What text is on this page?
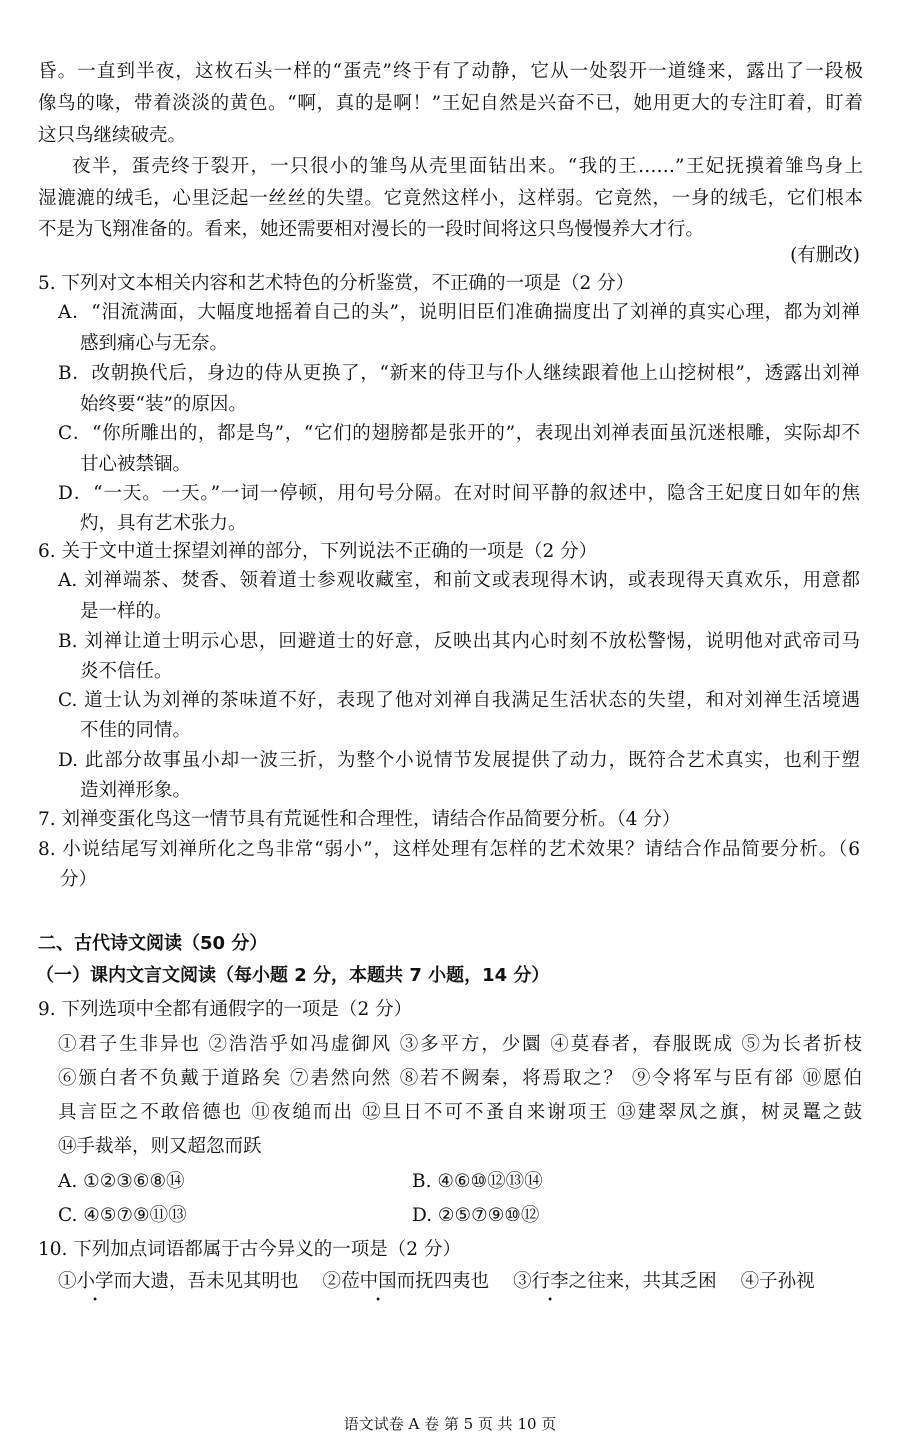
昏。一直到半夜，这枚石头一样的“蛋壳”终于有了动静，它从一处裂开一道缝来，露出了一段极
像鸟的喙，带着淡淡的黄色。“啊，真的是啊！”王妃自然是兴奋不已，她用更大的专注盯着，盯着
这只鸟继续破壳。
夜半，蛋壳终于裂开，一只很小的雏鸟从壳里面钻出来。“我的王……”王妃抚摸着雏鸟身上
湿漉漉的绒毛，心里泛起一丝丝的失望。它竟然这样小，这样弱。它竟然，一身的绒毛，它们根本
不是为飞翔准备的。看来，她还需要相对漫长的一段时间将这只鸟慢慢养大才行。
(有删改)
5. 下列对文本相关内容和艺术特色的分析鉴赏，不正确的一项是（2 分）
A．“泪流满面，大幅度地摇着自己的头”，说明旧臣们准确揣度出了刘禅的真实心理，都为刘禅
感到痛心与无奈。
B．改朝换代后，身边的侍从更换了，“新来的侍卫与仆人继续跟着他上山挖树根”，透露出刘禅
始终要“装”的原因。
C．“你所雕出的，都是鸟”，“它们的翅膀都是张开的”，表现出刘禅表面虽沉迷根雕，实际却不
甘心被禁锢。
D．“一天。一天。”一词一停顿，用句号分隔。在对时间平静的叙述中，隐含王妃度日如年的焦
灼，具有艺术张力。
6. 关于文中道士探望刘禅的部分，下列说法不正确的一项是（2 分）
A. 刘禅端茶、焚香、领着道士参观收藏室，和前文或表现得木讷，或表现得天真欢乐，用意都
是一样的。
B. 刘禅让道士明示心思，回避道士的好意，反映出其内心时刻不放松警惕，说明他对武帝司马
炎不信任。
C. 道士认为刘禅的茶味道不好，表现了他对刘禅自我满足生活状态的失望，和对刘禅生活境遇
不佳的同情。
D. 此部分故事虽小却一波三折，为整个小说情节发展提供了动力，既符合艺术真实，也利于塑
造刘禅形象。
7. 刘禅变蛋化鸟这一情节具有荒诞性和合理性，请结合作品简要分析。（4 分）
8. 小说结尾写刘禅所化之鸟非常“弱小”，这样处理有怎样的艺术效果？请结合作品简要分析。（6
分）
二、古代诗文阅读（50 分）
（一）课内文言文阅读（每小题 2 分，本题共 7 小题，14 分）
9. 下列选项中全都有通假字的一项是（2 分）
①君子生非异也 ②浩浩乎如冯虚御风 ③多平方，少圜 ④莫春者，春服既成 ⑤为长者折枝
⑥颁白者不负戴于道路矣 ⑦砉然向然 ⑧若不阙秦，将焉取之？ ⑨令将军与臣有郤 ⑩愿伯
具言臣之不敢倍德也 ⑪夜缒而出 ⑫旦日不可不蚤自来谢项王 ⑬建翠凤之旗，树灵鼍之鼓
⑭手裁举，则又超忽而跃
A. ①②③⑥⑧⑭	B. ④⑥⑩⑫⑬⑭
C. ④⑤⑦⑨⑪⑬	D. ②⑤⑦⑨⑩⑫
10. 下列加点词语都属于古今异义的一项是（2 分）
①小学而大遗，吾未见其明也 ②莅中国而抚四夷也 ③行李之往来，共其乏困 ④子孙视
语文试卷 A 卷 第 5 页 共 10 页
